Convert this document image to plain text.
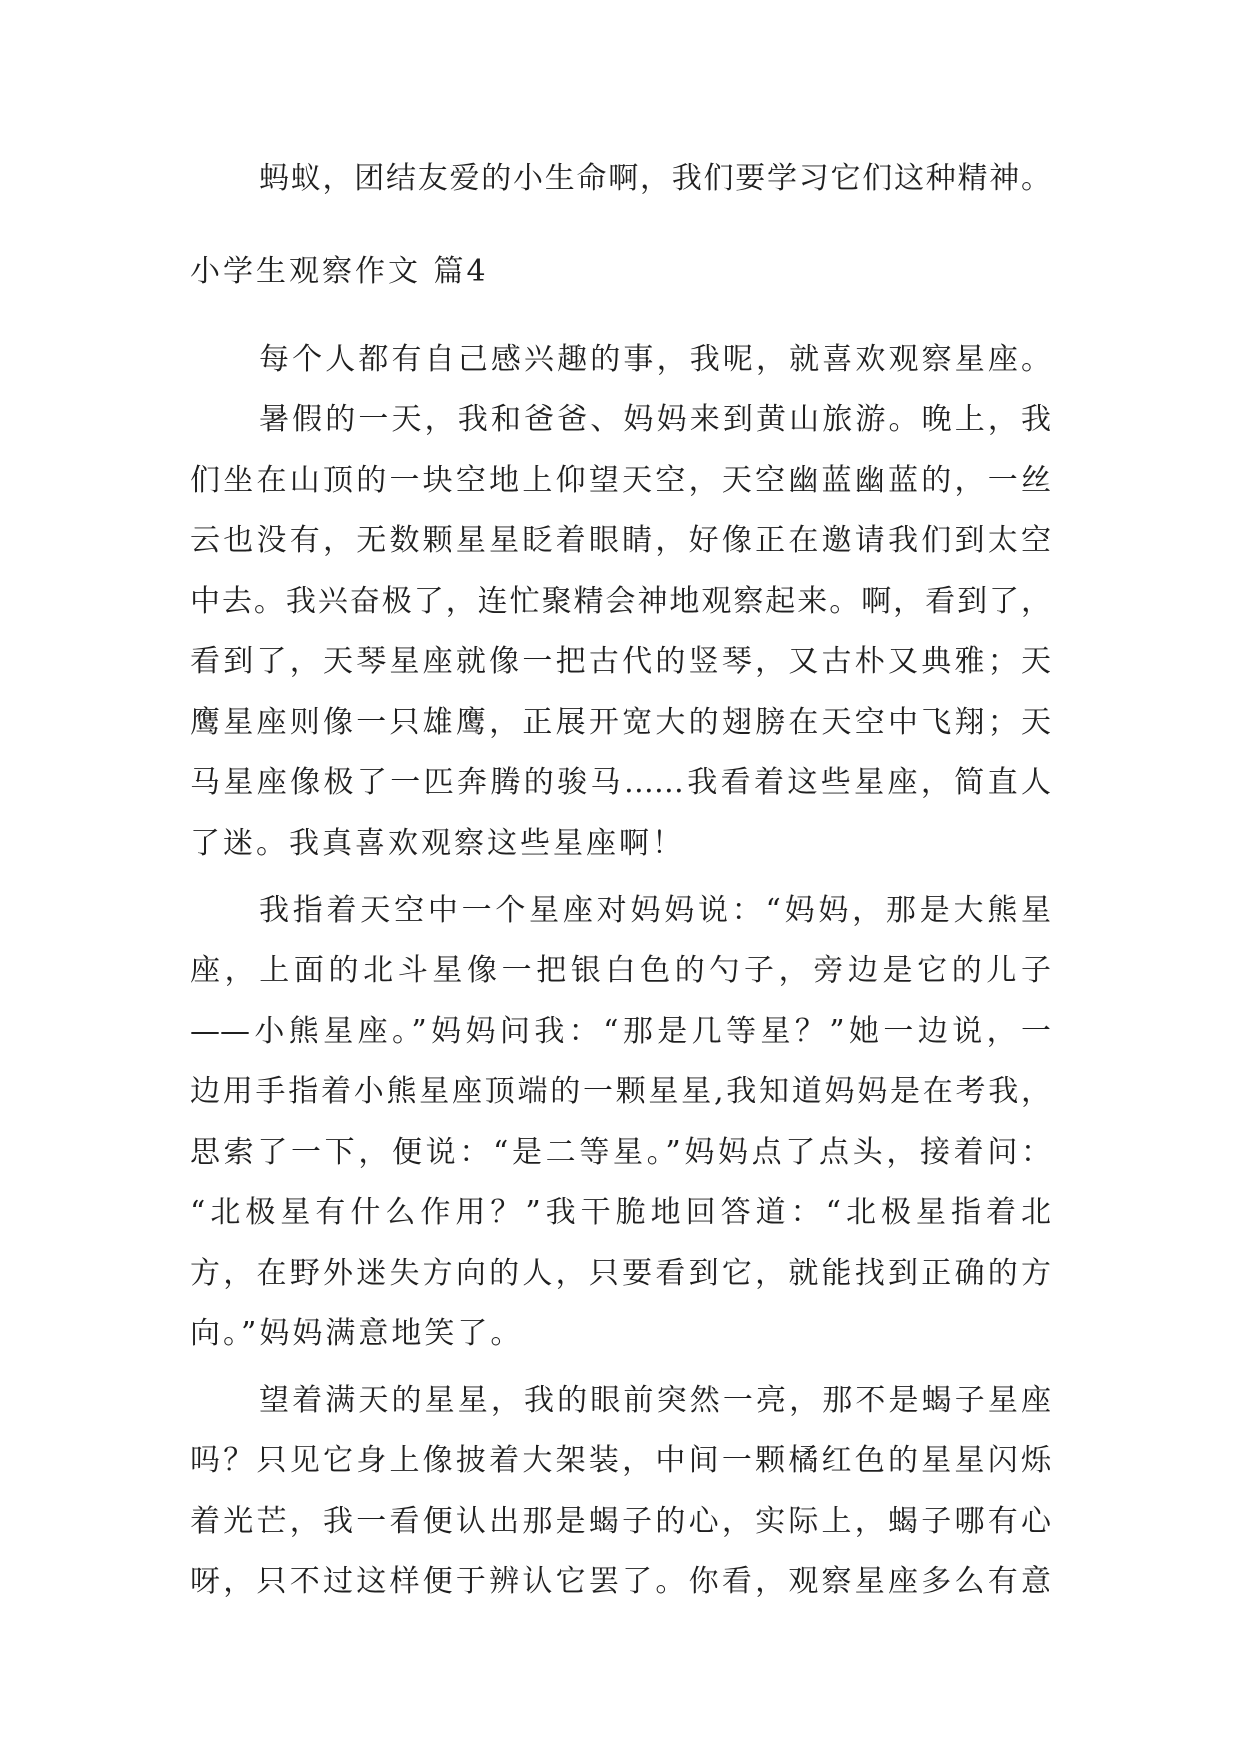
蚂蚁，团结友爱的小生命啊，我们要学习它们这种精神。
小学生观察作文 篇4
每个人都有自己感兴趣的事，我呢，就喜欢观察星座。
暑假的一天，我和爸爸、妈妈来到黄山旅游。晚上，我
们坐在山顶的一块空地上仰望天空，天空幽蓝幽蓝的，一丝
云也没有，无数颗星星眨着眼睛，好像正在邀请我们到太空
中去。我兴奋极了，连忙聚精会神地观察起来。啊，看到了，
看到了，天琴星座就像一把古代的竖琴，又古朴又典雅；天
鹰星座则像一只雄鹰，正展开宽大的翅膀在天空中飞翔；天
马星座像极了一匹奔腾的骏马……我看着这些星座，简直人
了迷。我真喜欢观察这些星座啊！
我指着天空中一个星座对妈妈说：“妈妈，那是大熊星
座，上面的北斗星像一把银白色的勺子，旁边是它的儿子
——小熊星座。”妈妈问我：“那是几等星？”她一边说，一
边用手指着小熊星座顶端的一颗星星,我知道妈妈是在考我，
思索了一下，便说：“是二等星。”妈妈点了点头，接着问：
“北极星有什么作用？”我干脆地回答道：“北极星指着北
方，在野外迷失方向的人，只要看到它，就能找到正确的方
向。”妈妈满意地笑了。
望着满天的星星，我的眼前突然一亮，那不是蝎子星座
吗？只见它身上像披着大架装，中间一颗橘红色的星星闪烁
着光芒，我一看便认出那是蝎子的心，实际上，蝎子哪有心
呀，只不过这样便于辨认它罢了。你看，观察星座多么有意
